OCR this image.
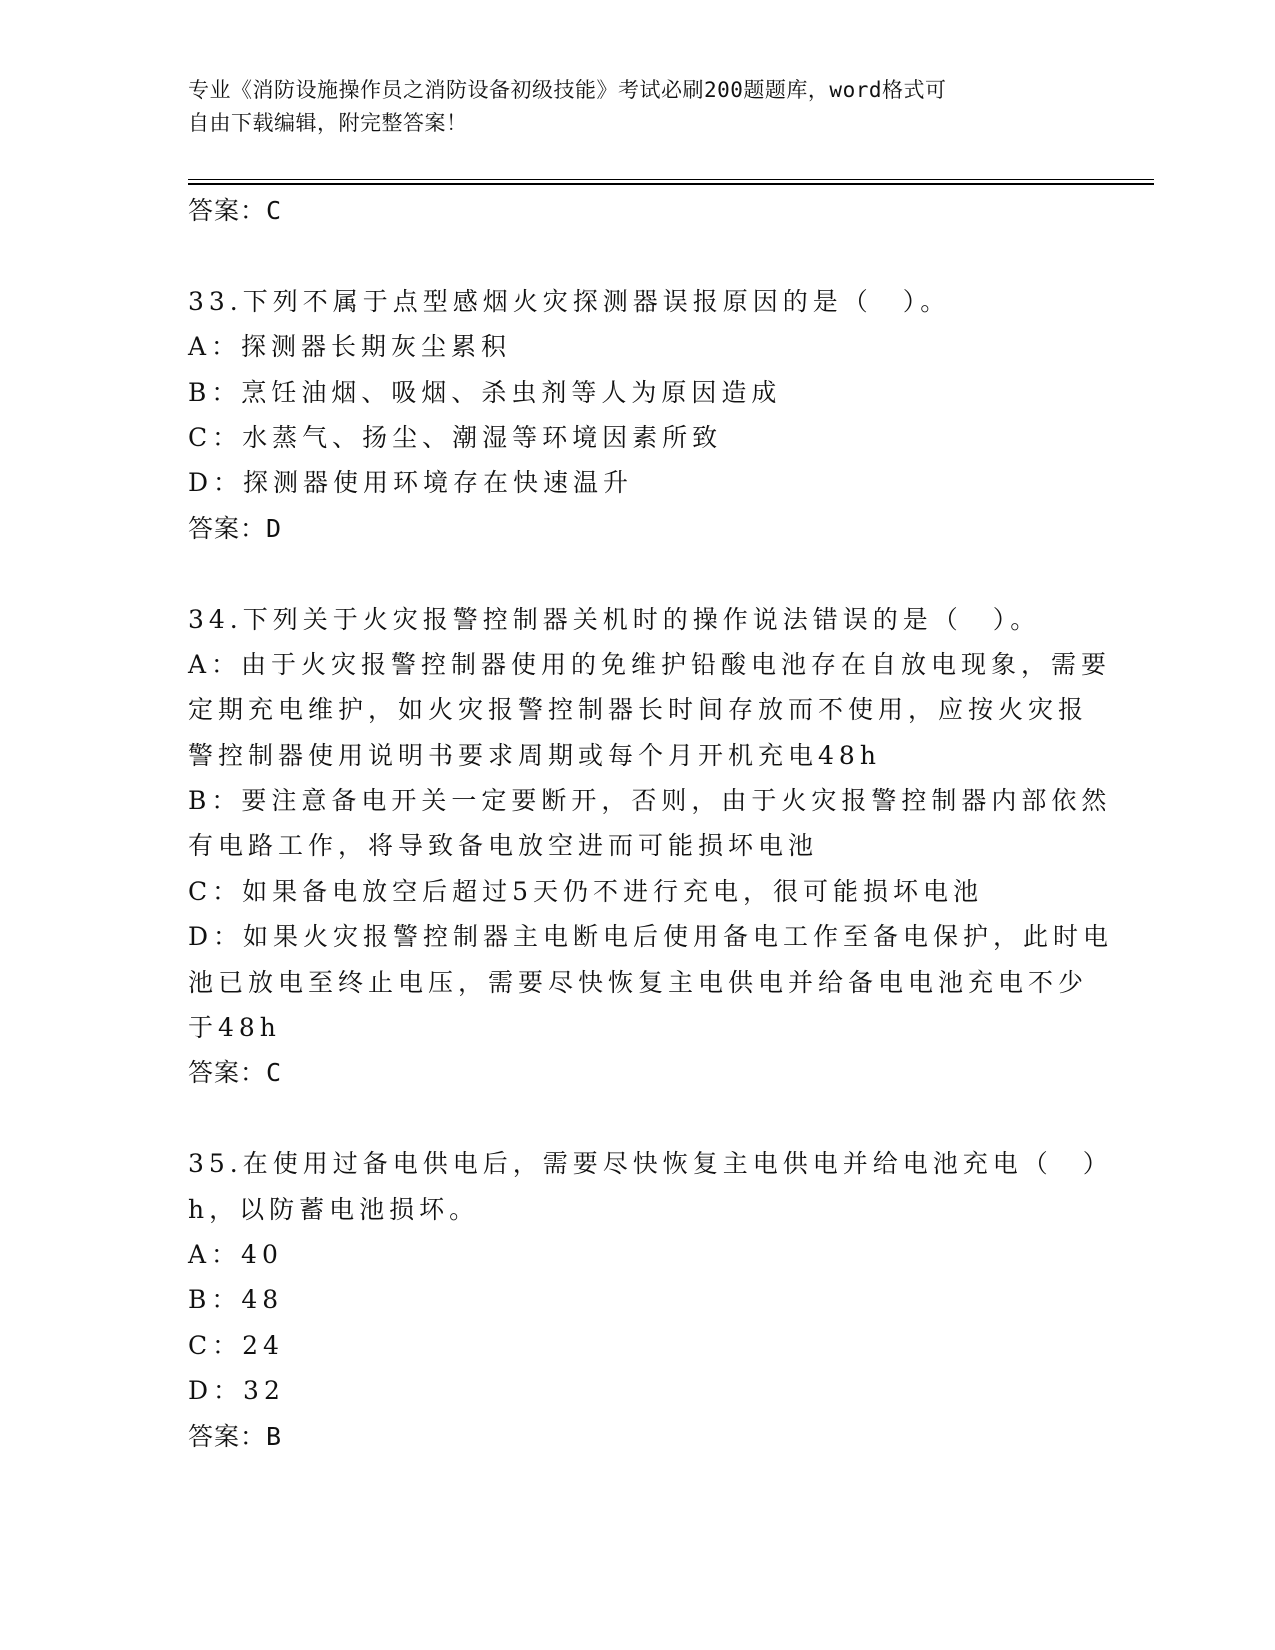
专业《消防设施操作员之消防设备初级技能》考试必刷200题题库，word格式可
自由下载编辑，附完整答案！
答案：C
33.下列不属于点型感烟火灾探测器误报原因的是（　）。
A：探测器长期灰尘累积
B：烹饪油烟、吸烟、杀虫剂等人为原因造成
C：水蒸气、扬尘、潮湿等环境因素所致
D：探测器使用环境存在快速温升
答案：D
34.下列关于火灾报警控制器关机时的操作说法错误的是（　）。
A：由于火灾报警控制器使用的免维护铅酸电池存在自放电现象，需要
定期充电维护，如火灾报警控制器长时间存放而不使用，应按火灾报
警控制器使用说明书要求周期或每个月开机充电48h
B：要注意备电开关一定要断开，否则，由于火灾报警控制器内部依然
有电路工作，将导致备电放空进而可能损坏电池
C：如果备电放空后超过5天仍不进行充电，很可能损坏电池
D：如果火灾报警控制器主电断电后使用备电工作至备电保护，此时电
池已放电至终止电压，需要尽快恢复主电供电并给备电电池充电不少
于48h
答案：C
35.在使用过备电供电后，需要尽快恢复主电供电并给电池充电（　）
h，以防蓄电池损坏。
A：40
B：48
C：24
D：32
答案：B
